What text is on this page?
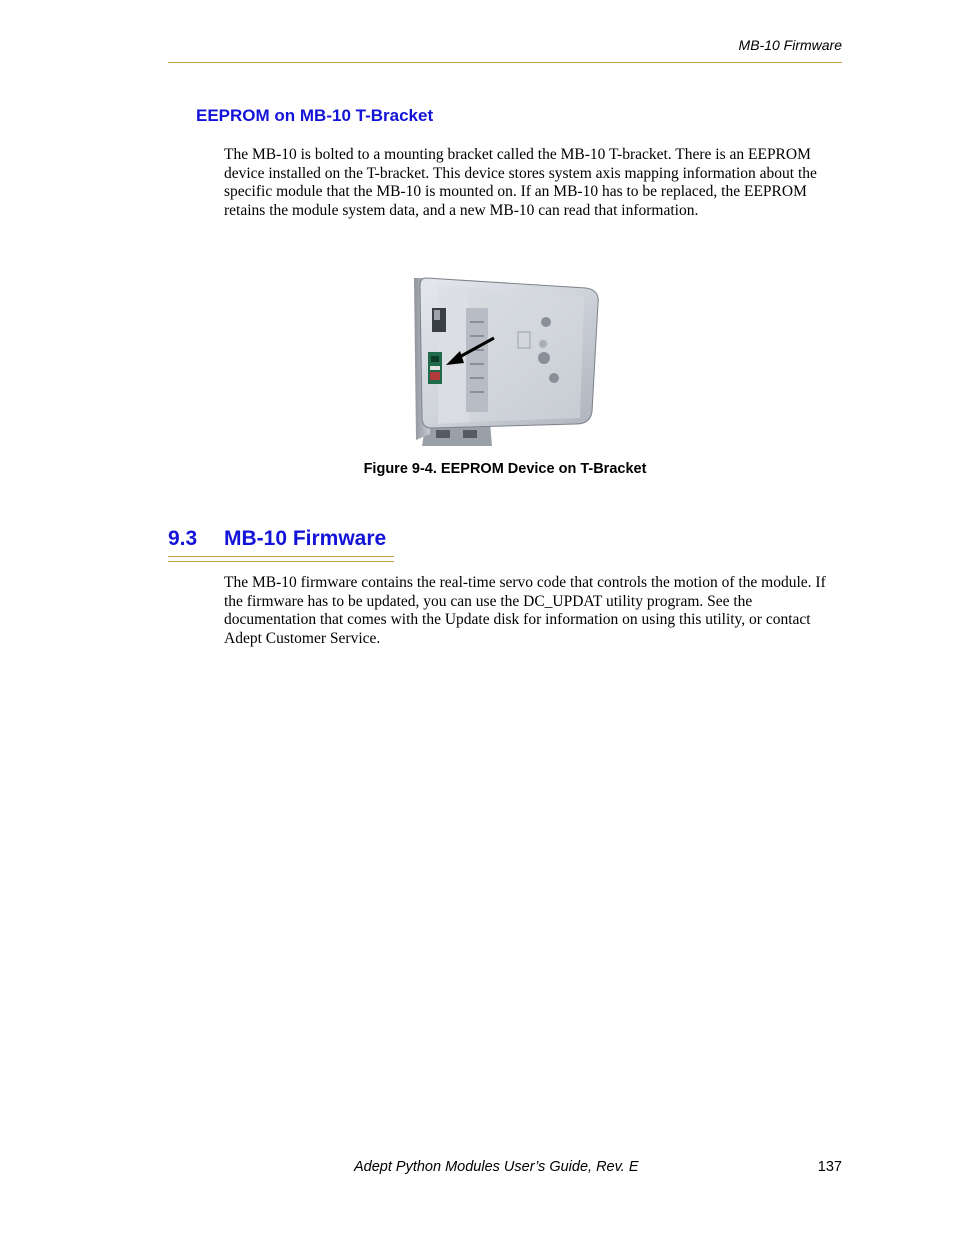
MB-10 Firmware
EEPROM on MB-10 T-Bracket

The MB-10 is bolted to a mounting bracket called the MB-10 T-bracket. There is an EEPROM device installed on the T-bracket. This device stores system axis mapping information about the specific module that the MB-10 is mounted on. If an MB-10 has to be replaced, the EEPROM retains the module system data, and a new MB-10 can read that information.

Figure 9-4. EEPROM Device on T-Bracket

9.3 MB-10 Firmware

The MB-10 firmware contains the real-time servo code that controls the motion of the module. If the firmware has to be updated, you can use the DC_UPDAT utility program. See the documentation that comes with the Update disk for information on using this utility, or contact Adept Customer Service.

Adept Python Modules User’s Guide, Rev. E	137
